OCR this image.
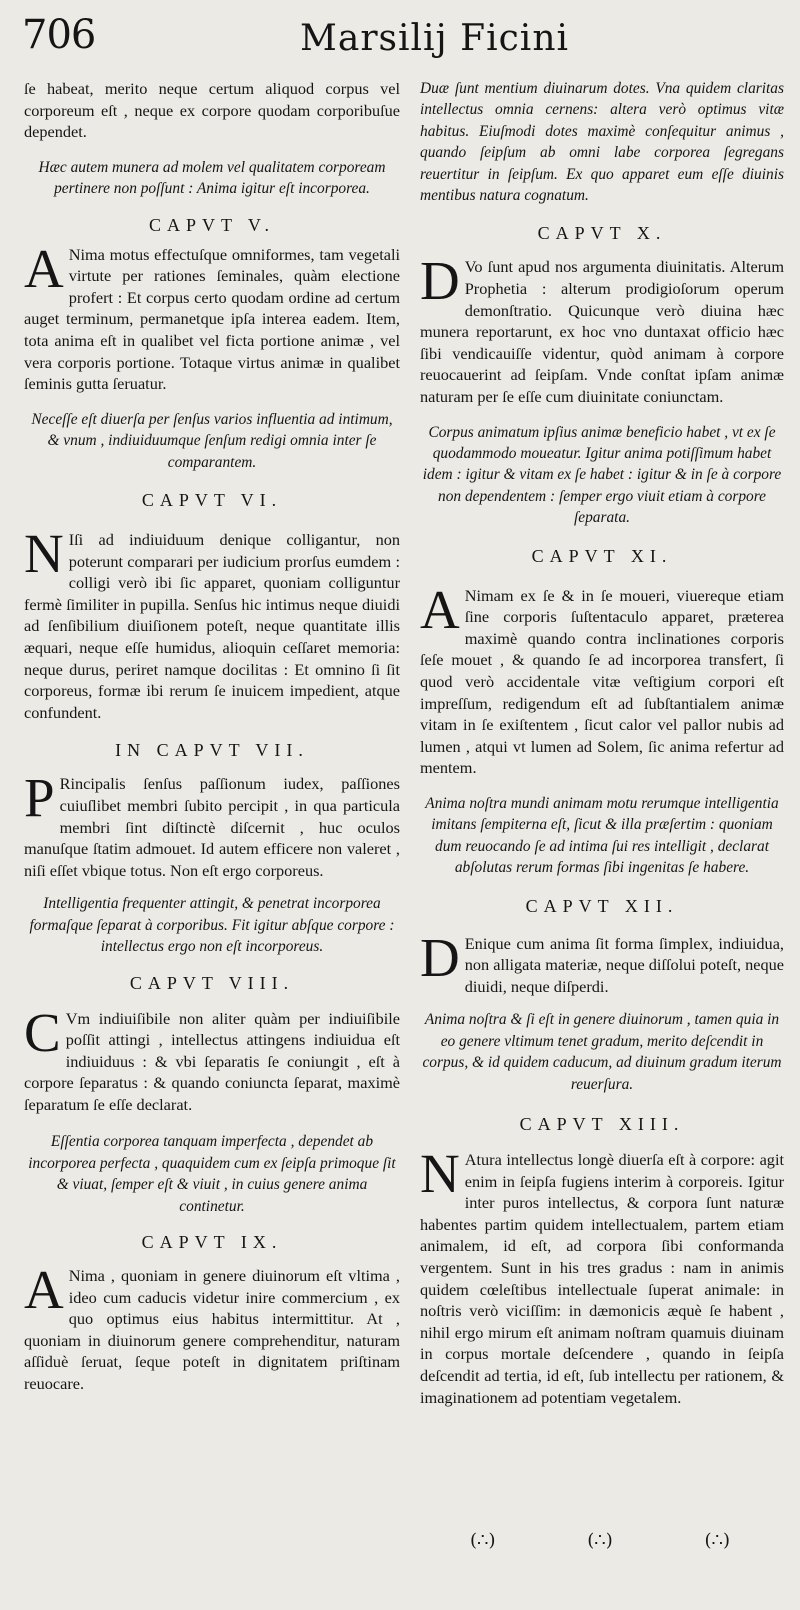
706	Marsilij Ficini

ſe habeat, merito neque certum aliquod corpus vel corporeum eſt , neque ex corpore quodam corporibuſue dependet.

Hæc autem munera ad molem vel qualitatem corpoream pertinere non poſſunt : Anima igitur eſt incorporea.

CAPVT V.

A Nima motus effectuſque omniformes, tam vegetali virtute per rationes ſeminales, quàm electione profert : Et corpus certo quodam ordine ad certum auget terminum, permanetque ipſa interea eadem. Item, tota anima eſt in qualibet vel ficta portione animæ , vel vera corporis portione. Totaque virtus animæ in qualibet ſeminis gutta ſeruatur.

Neceſſe eſt diuerſa per ſenſus varios influentia ad intimum, & vnum , indiuiduumque ſenſum redigi omnia inter ſe comparantem.

CAPVT VI.

N Iſi ad indiuiduum denique colligantur, non poterunt comparari per iudicium prorſus eumdem : colligi verò ibi ſic apparet, quoniam colliguntur fermè ſimiliter in pupilla. Senſus hic intimus neque diuidi ad ſenſibilium diuiſionem poteſt, neque quantitate illis æquari, neque eſſe humidus, alioquin ceſſaret memoria: neque durus, periret namque docilitas : Et omnino ſi ſit corporeus, formæ ibi rerum ſe inuicem impedient, atque confundent.

IN CAPVT VII.

P Rincipalis ſenſus paſſionum iudex, paſſiones cuiuſlibet membri ſubito percipit , in qua particula membri ſint diſtinctè diſcernit , huc oculos manuſque ſtatim admouet. Id autem efficere non valeret , niſi eſſet vbique totus. Non eſt ergo corporeus.

Intelligentia frequenter attingit, & penetrat incorporea formaſque ſeparat à corporibus. Fit igitur abſque corpore : intellectus ergo non eſt incorporeus.

CAPVT VIII.

C Vm indiuiſibile non aliter quàm per indiuiſibile poſſit attingi , intellectus attingens indiuidua eſt indiuiduus : & vbi ſeparatis ſe coniungit , eſt à corpore ſeparatus : & quando coniuncta ſeparat, maximè ſeparatum ſe eſſe declarat.

Eſſentia corporea tanquam imperfecta , dependet ab incorporea perfecta , quaquidem cum ex ſeipſa primoque ſit & viuat, ſemper eſt & viuit , in cuius genere anima continetur.

CAPVT IX.

A Nima , quoniam in genere diuinorum eſt vltima , ideo cum caducis videtur inire commercium , ex quo optimus eius habitus intermittitur. At , quoniam in diuinorum genere comprehenditur, naturam aſſiduè ſeruat, ſeque poteſt in dignitatem priſtinam reuocare.

Duæ ſunt mentium diuinarum dotes. Vna quidem claritas intellectus omnia cernens: altera verò optimus vitæ habitus. Eiuſmodi dotes maximè conſequitur animus , quando ſeipſum ab omni labe corporea ſegregans reuertitur in ſeipſum. Ex quo apparet eum eſſe diuinis mentibus natura cognatum.

CAPVT X.

D Vo ſunt apud nos argumenta diuinitatis. Alterum Prophetia : alterum prodigioſorum operum demonſtratio. Quicunque verò diuina hæc munera reportarunt, ex hoc vno duntaxat officio hæc ſibi vendicauiſſe videntur, quòd animam à corpore reuocauerint ad ſeipſam. Vnde conſtat ipſam animæ naturam per ſe eſſe cum diuinitate coniunctam.

Corpus animatum ipſius animæ beneficio habet , vt ex ſe quodammodo moueatur. Igitur anima potiſſimum habet idem : igitur & vitam ex ſe habet : igitur & in ſe à corpore non dependentem : ſemper ergo viuit etiam à corpore ſeparata.

CAPVT XI.

A Nimam ex ſe & in ſe moueri, viuereque etiam ſine corporis ſuſtentaculo apparet, præterea maximè quando contra inclinationes corporis ſeſe mouet , & quando ſe ad incorporea transfert, ſi quod verò accidentale vitæ veſtigium corpori eſt impreſſum, redigendum eſt ad ſubſtantialem animæ vitam in ſe exiſtentem , ſicut calor vel pallor nubis ad lumen , atqui vt lumen ad Solem, ſic anima refertur ad mentem.

Anima noſtra mundi animam motu rerumque intelligentia imitans ſempiterna eſt, ſicut & illa præſertim : quoniam dum reuocando ſe ad intima ſui res intelligit , declarat abſolutas rerum formas ſibi ingenitas ſe habere.

CAPVT XII.

D Enique cum anima ſit forma ſimplex, indiuidua, non alligata materiæ, neque diſſolui poteſt, neque diuidi, neque diſperdi.

Anima noſtra & ſi eſt in genere diuinorum , tamen quia in eo genere vltimum tenet gradum, merito deſcendit in corpus, & id quidem caducum, ad diuinum gradum iterum reuerſura.

CAPVT XIII.

N Atura intellectus longè diuerſa eſt à corpore: agit enim in ſeipſa fugiens interim à corporeis. Igitur inter puros intellectus, & corpora ſunt naturæ habentes partim quidem intellectualem, partem etiam animalem, id eſt, ad corpora ſibi conformanda vergentem. Sunt in his tres gradus : nam in animis quidem cœleſtibus intellectuale ſuperat animale: in noſtris verò viciſſim: in dæmonicis æquè ſe habent , nihil ergo mirum eſt animam noſtram quamuis diuinam in corpus mortale deſcendere , quando in ſeipſa deſcendit ad tertia, id eſt, ſub intellectu per rationem, & imaginationem ad potentiam vegetalem.

(∴)	(∴)	(∴)
